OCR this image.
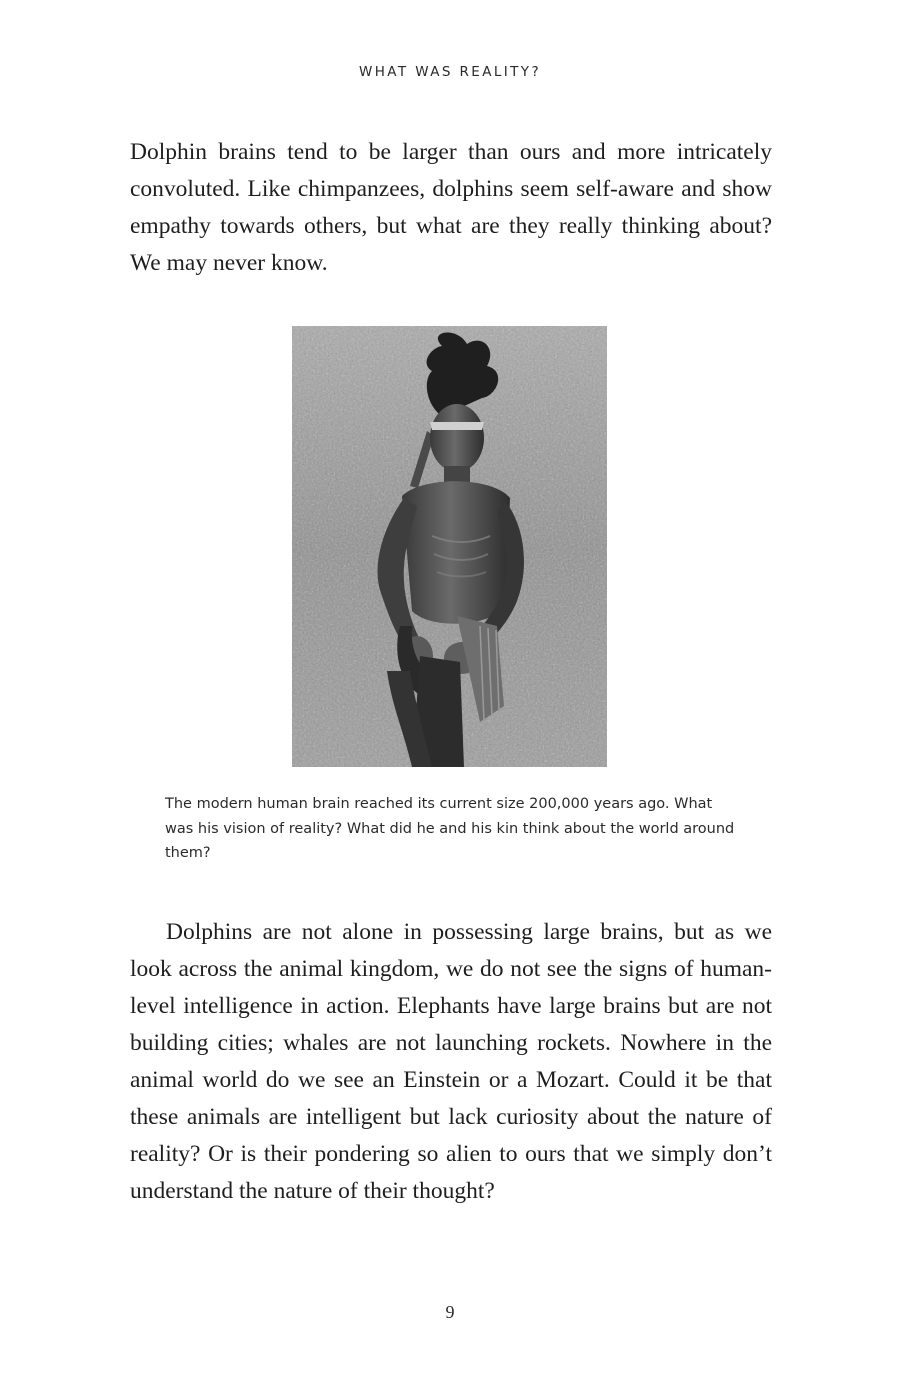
WHAT WAS REALITY?

Dolphin brains tend to be larger than ours and more intricately convoluted. Like chimpanzees, dolphins seem self-aware and show empathy towards others, but what are they really thinking about? We may never know.

The modern human brain reached its current size 200,000 years ago. What was his vision of reality? What did he and his kin think about the world around them?

Dolphins are not alone in possessing large brains, but as we look across the animal kingdom, we do not see the signs of human-level intelligence in action. Elephants have large brains but are not building cities; whales are not launching rockets. Nowhere in the animal world do we see an Einstein or a Mozart. Could it be that these animals are intelligent but lack curiosity about the nature of reality? Or is their pondering so alien to ours that we simply don’t understand the nature of their thought?

9
